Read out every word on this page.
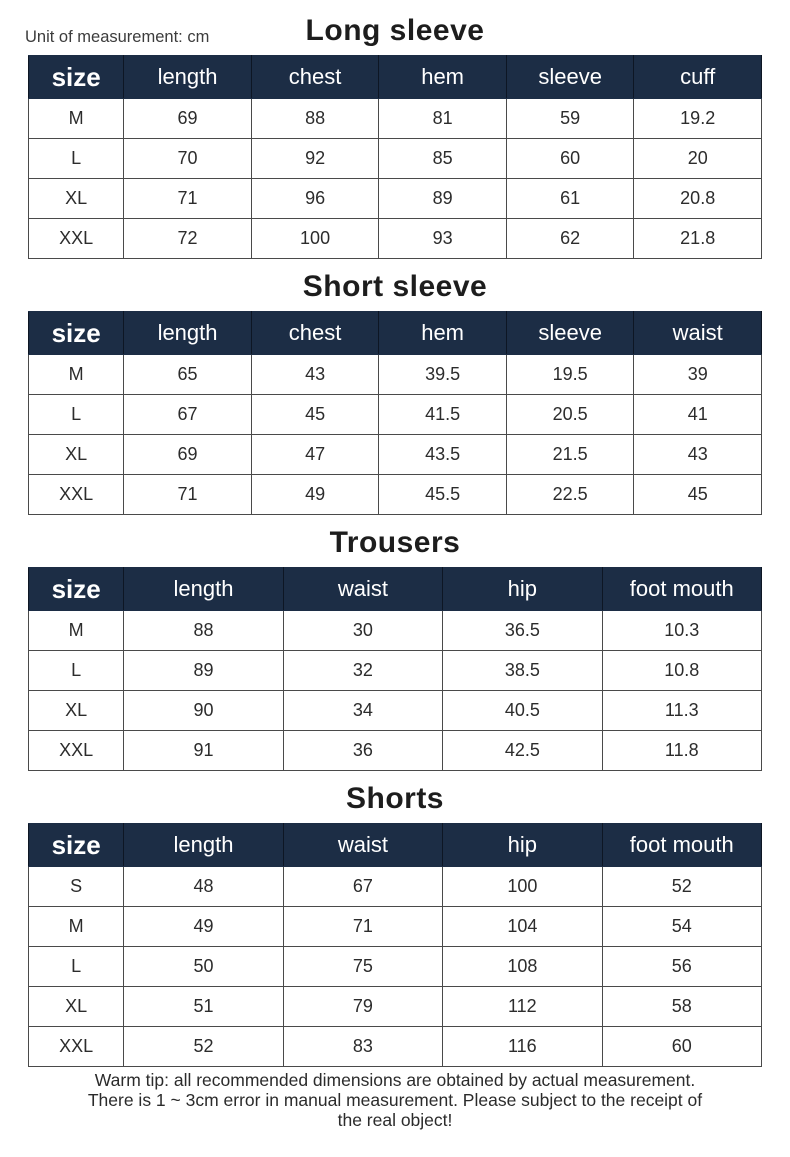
Long sleeve
Unit of measurement: cm
size	length	chest	hem	sleeve	cuff
M	69	88	81	59	19.2
L	70	92	85	60	20
XL	71	96	89	61	20.8
XXL	72	100	93	62	21.8
Short sleeve
size	length	chest	hem	sleeve	waist
M	65	43	39.5	19.5	39
L	67	45	41.5	20.5	41
XL	69	47	43.5	21.5	43
XXL	71	49	45.5	22.5	45
Trousers
size	length	waist	hip	foot mouth
M	88	30	36.5	10.3
L	89	32	38.5	10.8
XL	90	34	40.5	11.3
XXL	91	36	42.5	11.8
Shorts
size	length	waist	hip	foot mouth
S	48	67	100	52
M	49	71	104	54
L	50	75	108	56
XL	51	79	112	58
XXL	52	83	116	60
Warm tip: all recommended dimensions are obtained by actual measurement.
There is 1 ~ 3cm error in manual measurement. Please subject to the receipt of
the real object!
